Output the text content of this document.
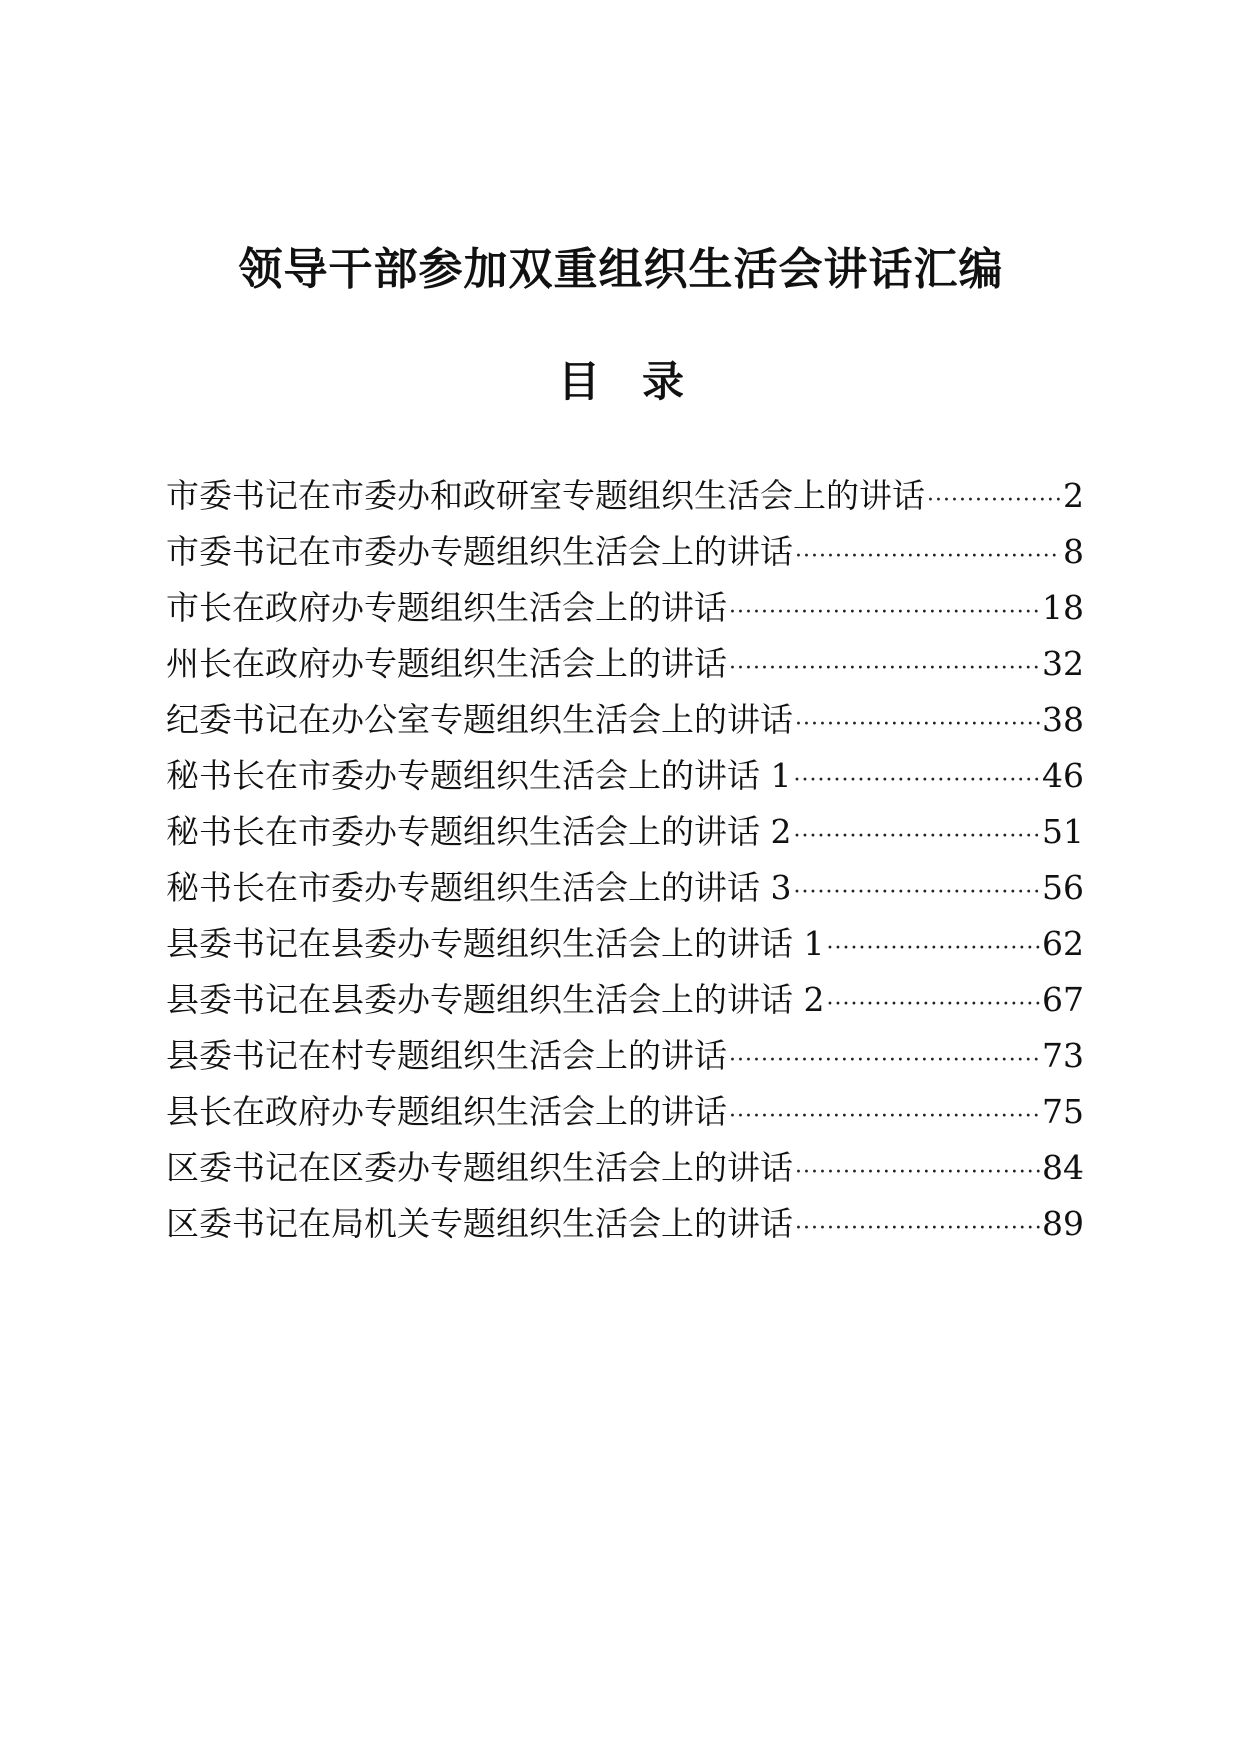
领导干部参加双重组织生活会讲话汇编
目　录
市委书记在市委办和政研室专题组织生活会上的讲话 ·····	2
市委书记在市委办专题组织生活会上的讲话 ·····	8
市长在政府办专题组织生活会上的讲话 ·····	18
州长在政府办专题组织生活会上的讲话 ·····	32
纪委书记在办公室专题组织生活会上的讲话 ·····	38
秘书长在市委办专题组织生活会上的讲话 1 ·····	46
秘书长在市委办专题组织生活会上的讲话 2 ·····	51
秘书长在市委办专题组织生活会上的讲话 3 ·····	56
县委书记在县委办专题组织生活会上的讲话 1 ·····	62
县委书记在县委办专题组织生活会上的讲话 2 ·····	67
县委书记在村专题组织生活会上的讲话 ·····	73
县长在政府办专题组织生活会上的讲话 ·····	75
区委书记在区委办专题组织生活会上的讲话 ·····	84
区委书记在局机关专题组织生活会上的讲话 ·····	89
